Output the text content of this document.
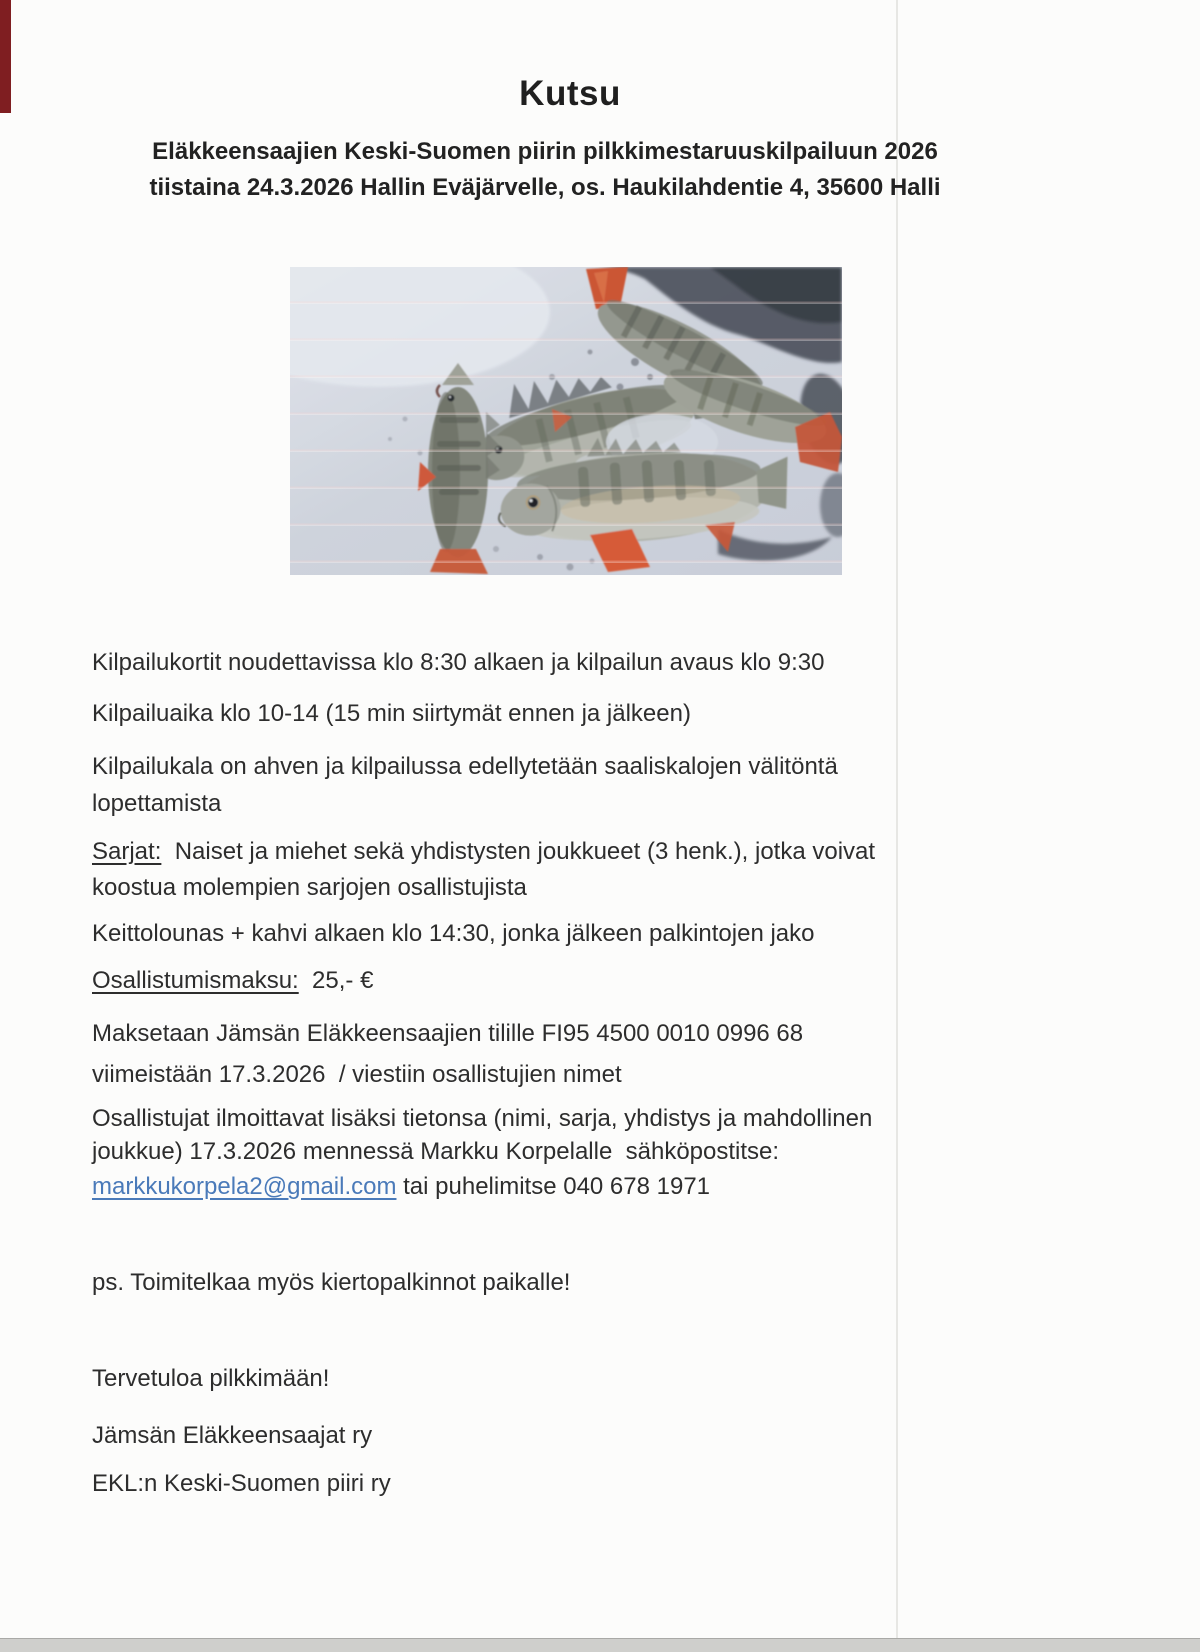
Kutsu
Eläkkeensaajien Keski-Suomen piirin pilkkimestaruuskilpailuun 2026
tiistaina 24.3.2026 Hallin Eväjärvelle, os. Haukilahdentie 4, 35600 Halli
Kilpailukortit noudettavissa klo 8:30 alkaen ja kilpailun avaus klo 9:30
Kilpailuaika klo 10-14 (15 min siirtymät ennen ja jälkeen)
Kilpailukala on ahven ja kilpailussa edellytetään saaliskalojen välitöntä
lopettamista
Sarjat:  Naiset ja miehet sekä yhdistysten joukkueet (3 henk.), jotka voivat
koostua molempien sarjojen osallistujista
Keittolounas + kahvi alkaen klo 14:30, jonka jälkeen palkintojen jako
Osallistumismaksu:  25,- €
Maksetaan Jämsän Eläkkeensaajien tilille FI95 4500 0010 0996 68
viimeistään 17.3.2026  / viestiin osallistujien nimet
Osallistujat ilmoittavat lisäksi tietonsa (nimi, sarja, yhdistys ja mahdollinen
joukkue) 17.3.2026 mennessä Markku Korpelalle  sähköpostitse:
markkukorpela2@gmail.com tai puhelimitse 040 678 1971
ps. Toimitelkaa myös kiertopalkinnot paikalle!
Tervetuloa pilkkimään!
Jämsän Eläkkeensaajat ry
EKL:n Keski-Suomen piiri ry
